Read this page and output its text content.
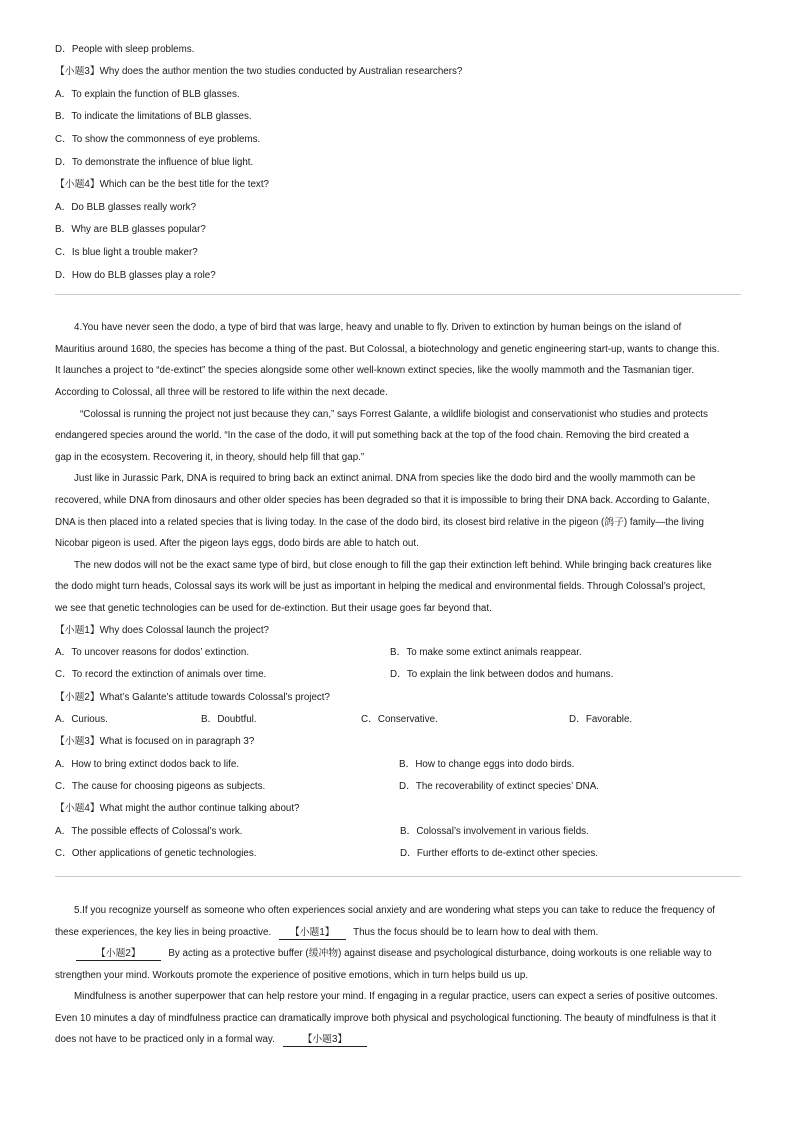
D．People with sleep problems.
【小题3】Why does the author mention the two studies conducted by Australian researchers?
A．To explain the function of BLB glasses.
B．To indicate the limitations of BLB glasses.
C．To show the commonness of eye problems.
D．To demonstrate the influence of blue light.
【小题4】Which can be the best title for the text?
A．Do BLB glasses really work?
B．Why are BLB glasses popular?
C．Is blue light a trouble maker?
D．How do BLB glasses play a role?
4.You have never seen the dodo, a type of bird that was large, heavy and unable to fly. Driven to extinction by human beings on the island of
Mauritius around 1680, the species has become a thing of the past. But Colossal, a biotechnology and genetic engineering start-up, wants to change this.
It launches a project to “de-extinct” the species alongside some other well-known extinct species, like the woolly mammoth and the Tasmanian tiger.
According to Colossal, all three will be restored to life within the next decade.
“Colossal is running the project not just because they can,” says Forrest Galante, a wildlife biologist and conservationist who studies and protects
endangered species around the world. “In the case of the dodo, it will put something back at the top of the food chain. Removing the bird created a
gap in the ecosystem. Recovering it, in theory, should help fill that gap.”
Just like in Jurassic Park, DNA is required to bring back an extinct animal. DNA from species like the dodo bird and the woolly mammoth can be
recovered, while DNA from dinosaurs and other older species has been degraded so that it is impossible to bring their DNA back. According to Galante,
DNA is then placed into a related species that is living today. In the case of the dodo bird, its closest bird relative in the pigeon (鸽子) family—the living
Nicobar pigeon is used. After the pigeon lays eggs, dodo birds are able to hatch out.
The new dodos will not be the exact same type of bird, but close enough to fill the gap their extinction left behind. While bringing back creatures like
the dodo might turn heads, Colossal says its work will be just as important in helping the medical and environmental fields. Through Colossal’s project,
we see that genetic technologies can be used for de-extinction. But their usage goes far beyond that.
【小题1】Why does Colossal launch the project?
A．To uncover reasons for dodos’ extinction.	B．To make some extinct animals reappear.
C．To record the extinction of animals over time.	D．To explain the link between dodos and humans.
【小题2】What’s Galante’s attitude towards Colossal’s project?
A．Curious.	B．Doubtful.	C．Conservative.	D．Favorable.
【小题3】What is focused on in paragraph 3?
A．How to bring extinct dodos back to life.	B．How to change eggs into dodo birds.
C．The cause for choosing pigeons as subjects.	D．The recoverability of extinct species’ DNA.
【小题4】What might the author continue talking about?
A．The possible effects of Colossal’s work.	B．Colossal’s involvement in various fields.
C．Other applications of genetic technologies.	D．Further efforts to de-extinct other species.
5.If you recognize yourself as someone who often experiences social anxiety and are wondering what steps you can take to reduce the frequency of
these experiences, the key lies in being proactive. 【小题1】 Thus the focus should be to learn how to deal with them.
【小题2】	By acting as a protective buffer (缓冲物) against disease and psychological disturbance, doing workouts is one reliable way to
strengthen your mind. Workouts promote the experience of positive emotions, which in turn helps build us up.
Mindfulness is another superpower that can help restore your mind. If engaging in a regular practice, users can expect a series of positive outcomes.
Even 10 minutes a day of mindfulness practice can dramatically improve both physical and psychological functioning. The beauty of mindfulness is that it
does not have to be practiced only in a formal way.	【小题3】
